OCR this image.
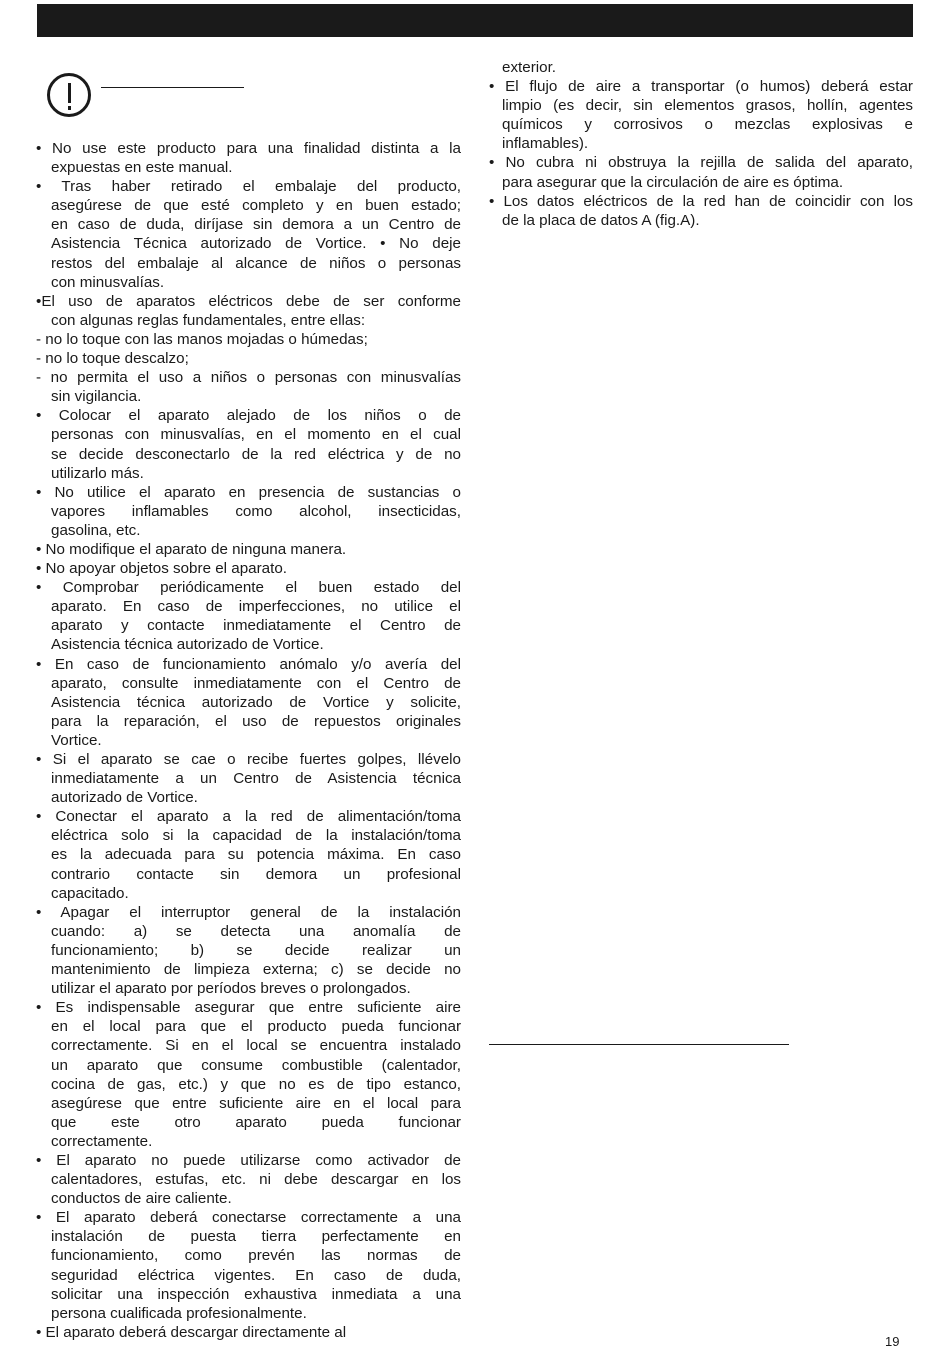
• No use este producto para una finalidad distinta a la
expuestas en este manual.
• Tras haber retirado el embalaje del producto,
asegúrese de que esté completo y en buen estado;
en caso de duda, diríjase sin demora a un Centro de
Asistencia Técnica autorizado de Vortice. • No deje
restos del embalaje al alcance de niños o personas
con minusvalías.
•El uso de aparatos eléctricos debe de ser conforme
con algunas reglas fundamentales, entre ellas:
- no lo toque con las manos mojadas o húmedas;
- no lo toque descalzo;
- no permita el uso a niños o personas con minusvalías
sin vigilancia.
• Colocar el aparato alejado de los niños o de
personas con minusvalías, en el momento en el cual
se decide desconectarlo de la red eléctrica y de no
utilizarlo más.
• No utilice el aparato en presencia de sustancias o
vapores inflamables como alcohol, insecticidas,
gasolina, etc.
• No modifique el aparato de ninguna manera.
• No apoyar objetos sobre el aparato.
• Comprobar periódicamente el buen estado del
aparato. En caso de imperfecciones, no utilice el
aparato y contacte inmediatamente el Centro de
Asistencia técnica autorizado de Vortice.
• En caso de funcionamiento anómalo y/o avería del
aparato, consulte inmediatamente con el Centro de
Asistencia técnica autorizado de Vortice y solicite,
para la reparación, el uso de repuestos originales
Vortice.
• Si el aparato se cae o recibe fuertes golpes, llévelo
inmediatamente a un Centro de Asistencia técnica
autorizado de Vortice.
• Conectar el aparato a la red de alimentación/toma
eléctrica solo si la capacidad de la instalación/toma
es la adecuada para su potencia máxima. En caso
contrario contacte sin demora un profesional
capacitado.
• Apagar el interruptor general de la instalación
cuando: a) se detecta una anomalía de
funcionamiento; b) se decide realizar un
mantenimiento de limpieza externa; c) se decide no
utilizar el aparato por períodos breves o prolongados.
• Es indispensable asegurar que entre suficiente aire
en el local para que el producto pueda funcionar
correctamente. Si en el local se encuentra instalado
un aparato que consume combustible (calentador,
cocina de gas, etc.) y que no es de tipo estanco,
asegúrese que entre suficiente aire en el local para
que este otro aparato pueda funcionar
correctamente.
• El aparato no puede utilizarse como activador de
calentadores, estufas, etc. ni debe descargar en los
conductos de aire caliente.
• El aparato deberá conectarse correctamente a una
instalación de puesta tierra perfectamente en
funcionamiento, como prevén las normas de
seguridad eléctrica vigentes. En caso de duda,
solicitar una inspección exhaustiva inmediata a una
persona cualificada profesionalmente.
• El aparato deberá descargar directamente al
exterior.
• El flujo de aire a transportar (o humos) deberá estar
limpio (es decir, sin elementos grasos, hollín, agentes
químicos y corrosivos o mezclas explosivas e
inflamables).
• No cubra ni obstruya la rejilla de salida del aparato,
para asegurar que la circulación de aire es óptima.
• Los datos eléctricos de la red han de coincidir con los
de la placa de datos A (fig.A).
19
